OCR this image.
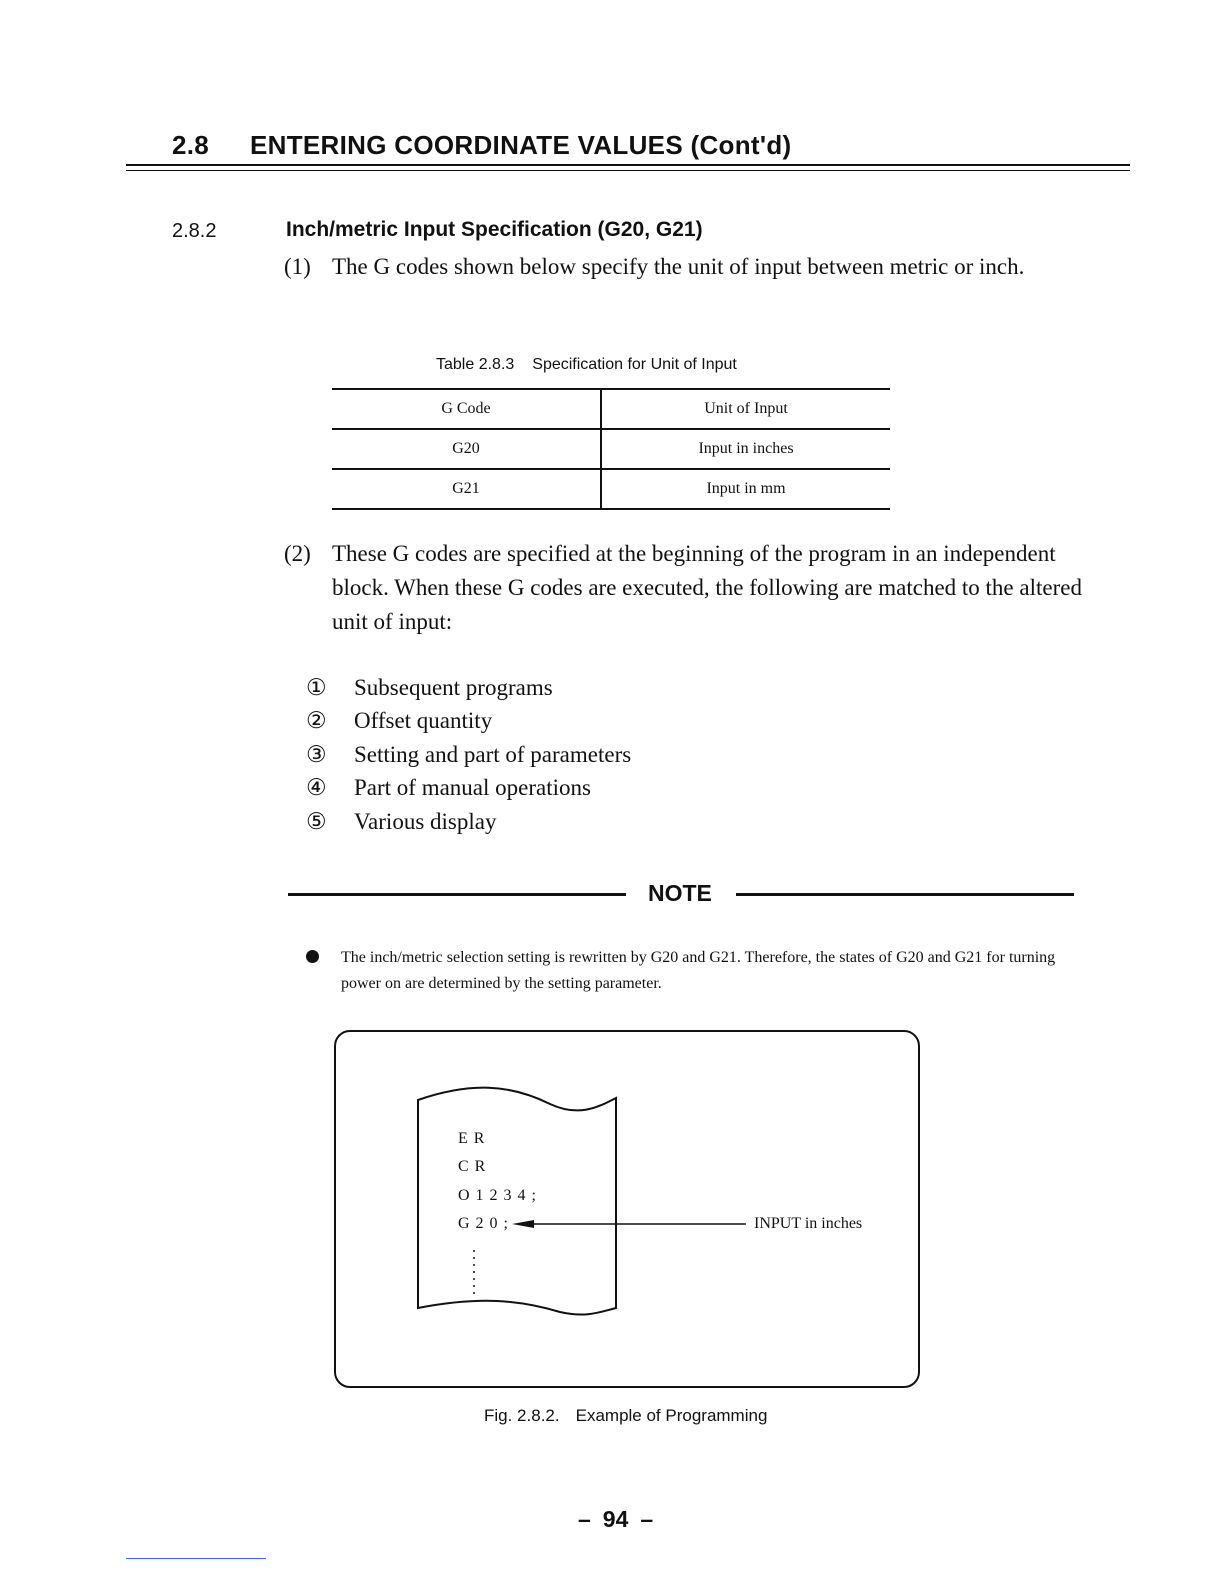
2.8 ENTERING COORDINATE VALUES (Cont'd)
2.8.2	Inch/metric Input Specification (G20, G21)
(1) The G codes shown below specify the unit of input between metric or inch.
Table 2.8.3 Specification for Unit of Input
G Code	Unit of Input
G20	Input in inches
G21	Input in mm
(2) These G codes are specified at the beginning of the program in an independent block. When these G codes are executed, the following are matched to the altered unit of input:
① Subsequent programs
② Offset quantity
③ Setting and part of parameters
④ Part of manual operations
⑤ Various display
NOTE
The inch/metric selection setting is rewritten by G20 and G21. Therefore, the states of G20 and G21 for turning power on are determined by the setting parameter.
ER
CR
O1234;
G20;	INPUT in inches
Fig. 2.8.2. Example of Programming
– 94 –
